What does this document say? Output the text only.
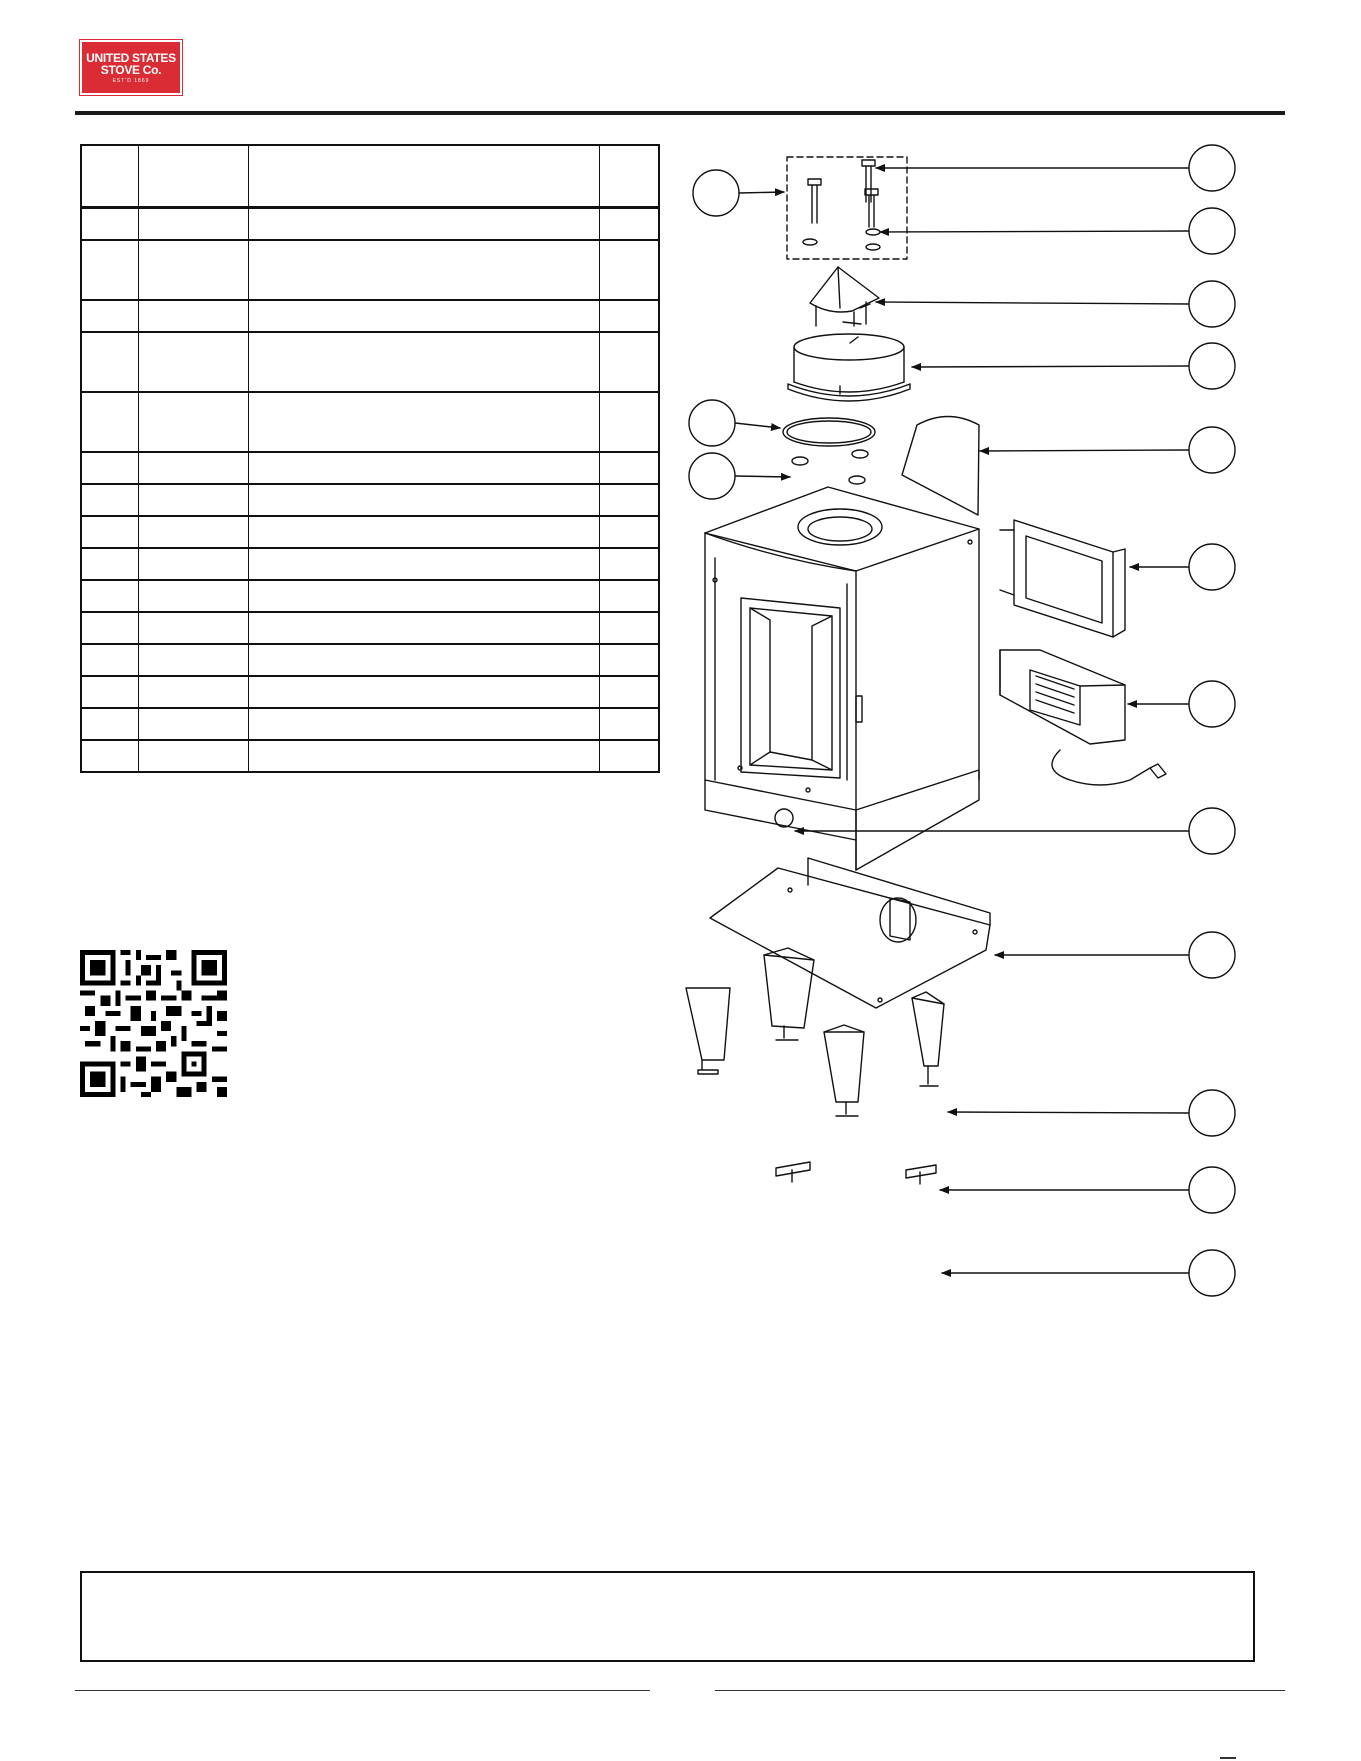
UNITED STATES
STOVE Co.
EST'D 1869
